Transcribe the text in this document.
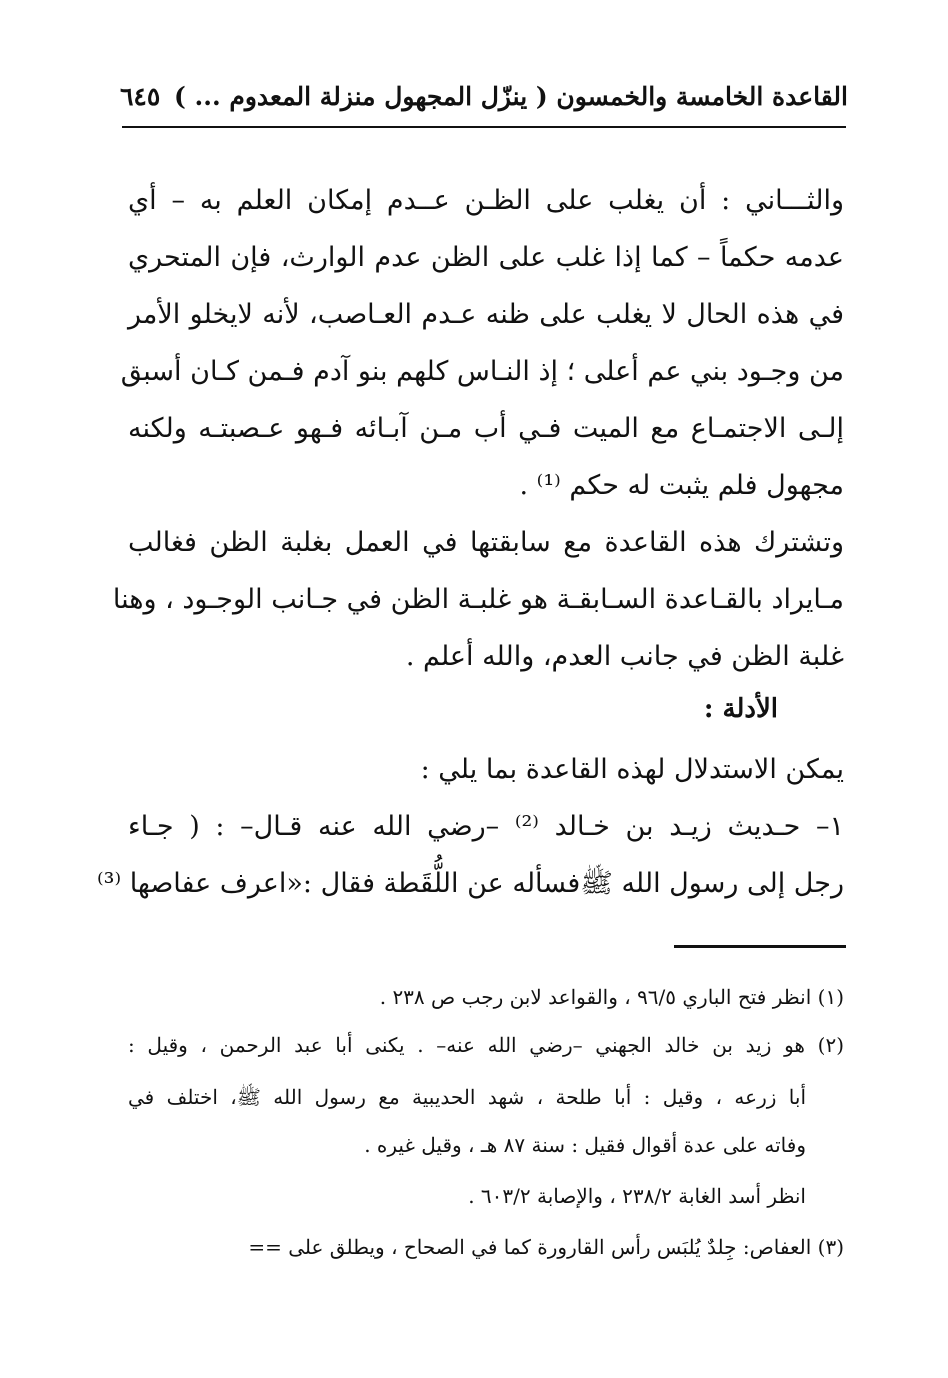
القاعدة الخامسة والخمسون ( ينزّل المجهول منزلة المعدوم ... )
٦٤٥
والثـــاني : أن يغلب على الظـن عــدم إمكان العلم به – أي
عدمه حكماً – كما إذا غلب على الظن عدم الوارث، فإن المتحري
في هذه الحال لا يغلب على ظنه عـدم العـاصب، لأنه لايخلو الأمر
من وجـود بني عم أعلى ؛ إذ النـاس كلهم بنو آدم فـمن كـان أسبق
إلـى الاجتمـاع مع الميت فـي أب مـن آبـائه فـهو عـصبتـه ولكنه
مجهول فلم يثبت له حكم ⁽¹⁾ .
وتشترك هذه القاعدة مع سابقتها في العمل بغلبة الظن فغالب
مـايراد بالقـاعدة السـابقـة هو غلبـة الظن في جـانب الوجـود ، وهنا
غلبة الظن في جانب العدم، والله أعلم .
الأدلة :
يمكن الاستدلال لهذه القاعدة بما يلي :
١– حـديث زيـد بن خـالد ⁽²⁾ –رضي الله عنه قـال– : ( جـاء
رجل إلى رسول الله ﷺفسأله عن اللُّقَطة فقال :«اعرف عفاصها ⁽³⁾
(١) انظر فتح الباري ٩٦/٥ ، والقواعد لابن رجب ص ٢٣٨ .
(٢) هو زيد بن خالد الجهني –رضي الله عنه– . يكنى أبا عبد الرحمن ، وقيل :
أبا زرعه ، وقيل : أبا طلحة ، شهد الحديبية مع رسول الله ﷺ، اختلف في
وفاته على عدة أقوال فقيل : سنة ٨٧ هـ ، وقيل غيره .
انظر أسد الغابة ٢٣٨/٢ ، والإصابة ٦٠٣/٢ .
(٣) العفاص: جِلدٌ يُلبَس رأس القارورة كما في الصحاح ، ويطلق على ==
